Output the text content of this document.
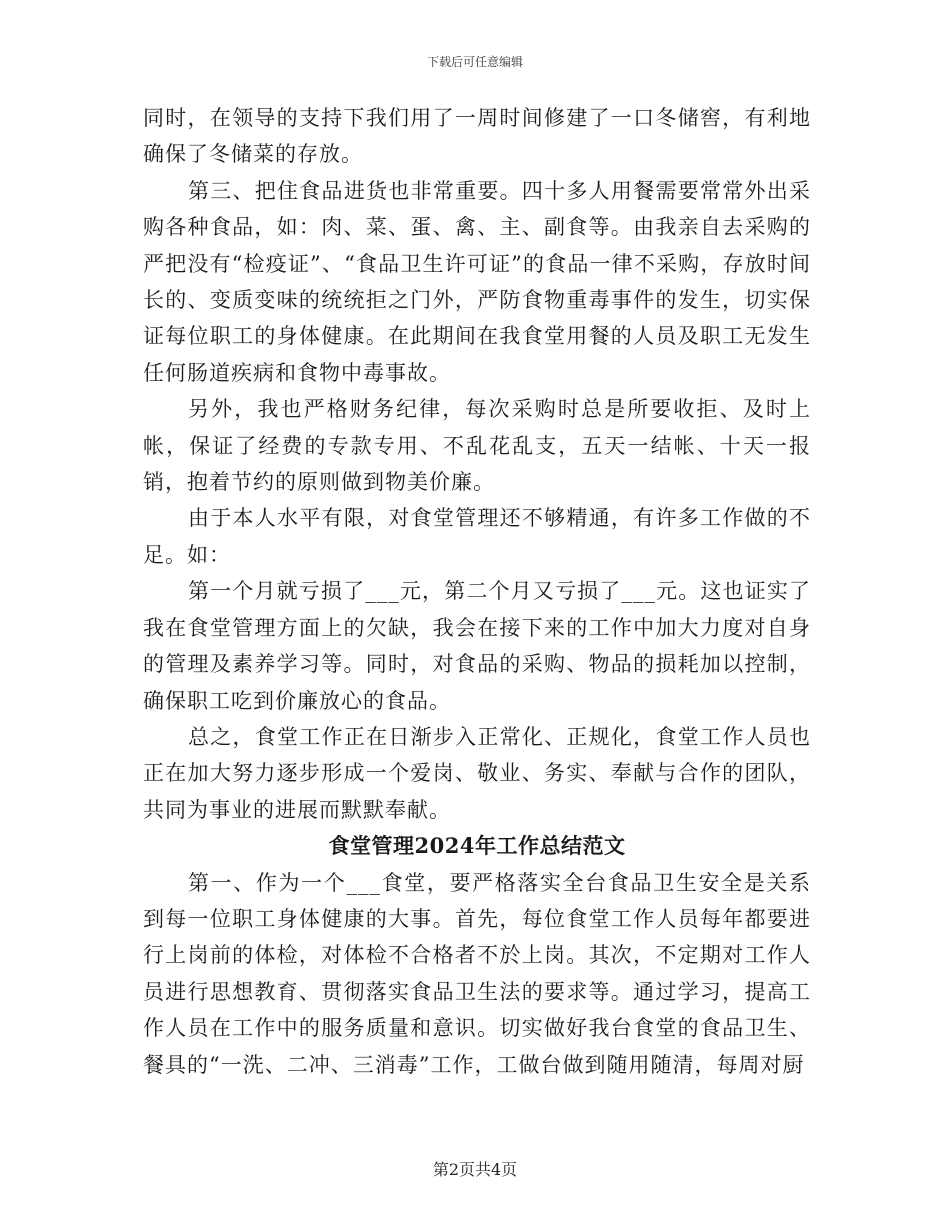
下载后可任意编辑

同时，在领导的支持下我们用了一周时间修建了一口冬储窖，有利地确保了冬储菜的存放。

第三、把住食品进货也非常重要。四十多人用餐需要常常外出采购各种食品，如：肉、菜、蛋、禽、主、副食等。由我亲自去采购的严把没有“检疫证”、“食品卫生许可证”的食品一律不采购，存放时间长的、变质变味的统统拒之门外，严防食物重毒事件的发生，切实保证每位职工的身体健康。在此期间在我食堂用餐的人员及职工无发生任何肠道疾病和食物中毒事故。

另外，我也严格财务纪律，每次采购时总是所要收拒、及时上帐，保证了经费的专款专用、不乱花乱支，五天一结帐、十天一报销，抱着节约的原则做到物美价廉。

由于本人水平有限，对食堂管理还不够精通，有许多工作做的不足。如：

第一个月就亏损了___元，第二个月又亏损了___元。这也证实了我在食堂管理方面上的欠缺，我会在接下来的工作中加大力度对自身的管理及素养学习等。同时，对食品的采购、物品的损耗加以控制，确保职工吃到价廉放心的食品。

总之，食堂工作正在日渐步入正常化、正规化，食堂工作人员也正在加大努力逐步形成一个爱岗、敬业、务实、奉献与合作的团队，共同为事业的进展而默默奉献。

食堂管理2024年工作总结范文

第一、作为一个___食堂，要严格落实全台食品卫生安全是关系到每一位职工身体健康的大事。首先，每位食堂工作人员每年都要进行上岗前的体检，对体检不合格者不於上岗。其次，不定期对工作人员进行思想教育、贯彻落实食品卫生法的要求等。通过学习，提高工作人员在工作中的服务质量和意识。切实做好我台食堂的食品卫生、餐具的“一洗、二冲、三消毒”工作，工做台做到随用随清，每周对厨

第2页共4页
